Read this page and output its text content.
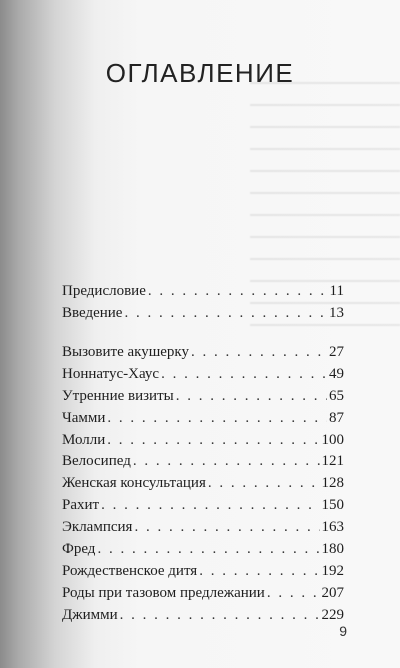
ОГЛАВЛЕНИЕ
Предисловие . . .	11
Введение . . .	13
Вызовите акушерку . . .	27
Ноннатус-Хаус . . .	49
Утренние визиты . . .	65
Чамми . . .	87
Молли . . .	100
Велосипед . . .	121
Женская консультация . . .	128
Рахит . . .	150
Эклампсия . . .	163
Фред . . .	180
Рождественское дитя . . .	192
Роды при тазовом предлежании . . .	207
Джимми . . .	229
9
